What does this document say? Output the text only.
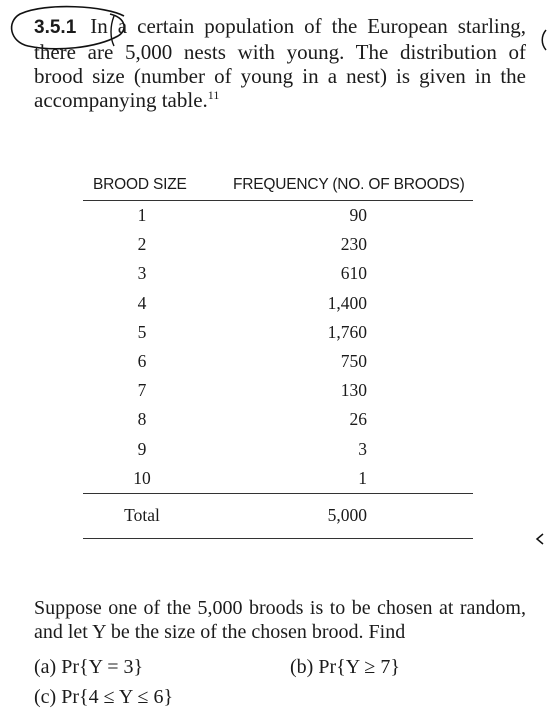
3.5.1 In a certain population of the European starling, there are 5,000 nests with young. The distribution of brood size (number of young in a nest) is given in the accompanying table.$^{11}$
BROOD SIZE	FREQUENCY (NO. OF BROODS)
1	90
2	230
3	610
4	1,400
5	1,760
6	750
7	130
8	26
9	3
10	1
Total	5,000
Suppose one of the 5,000 broods is to be chosen at random, and let Y be the size of the chosen brood. Find
(a) Pr{Y = 3}	(b) Pr{Y ≥ 7}
(c) Pr{4 ≤ Y ≤ 6}
